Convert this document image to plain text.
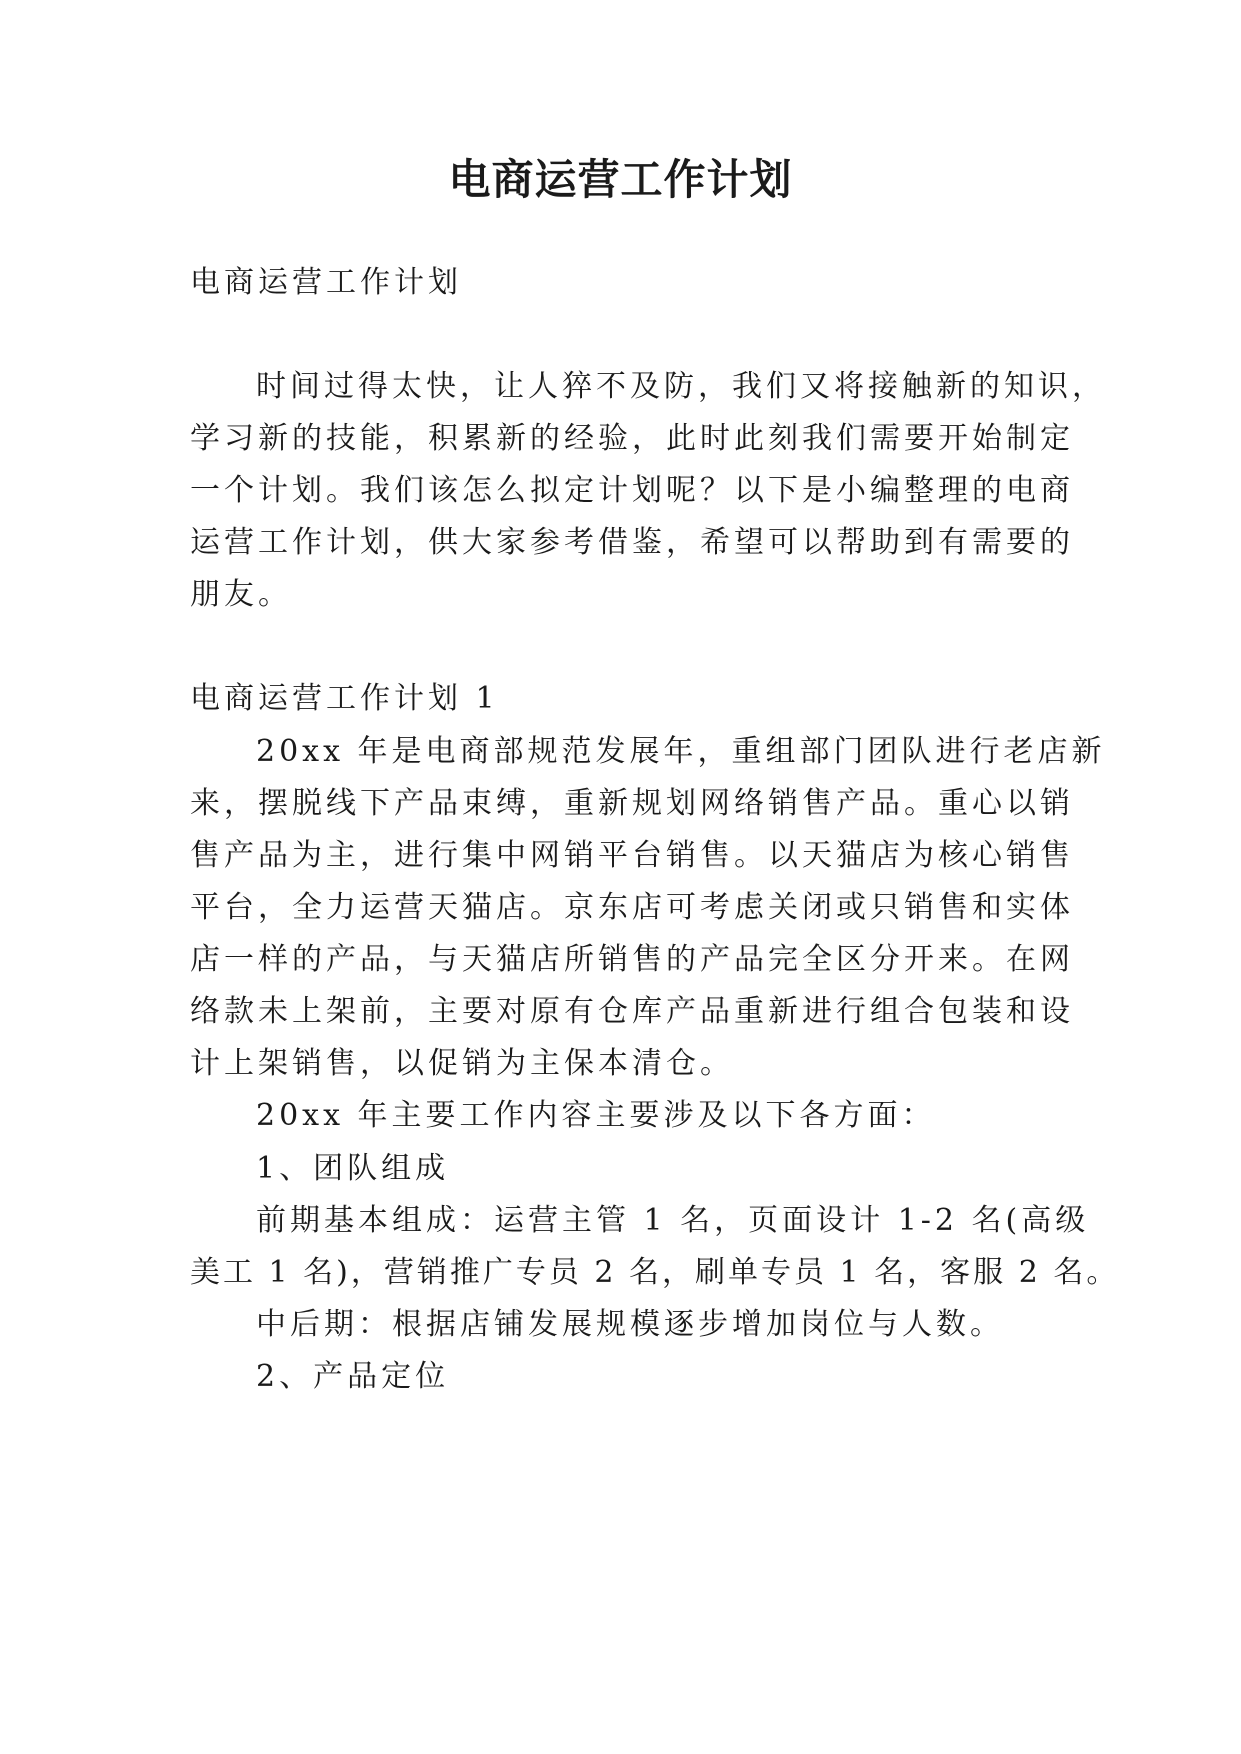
电商运营工作计划

电商运营工作计划

时间过得太快，让人猝不及防，我们又将接触新的知识，

学习新的技能，积累新的经验，此时此刻我们需要开始制定

一个计划。我们该怎么拟定计划呢？以下是小编整理的电商

运营工作计划，供大家参考借鉴，希望可以帮助到有需要的

朋友。

电商运营工作计划 1

20xx 年是电商部规范发展年，重组部门团队进行老店新

来，摆脱线下产品束缚，重新规划网络销售产品。重心以销

售产品为主，进行集中网销平台销售。以天猫店为核心销售

平台，全力运营天猫店。京东店可考虑关闭或只销售和实体

店一样的产品，与天猫店所销售的产品完全区分开来。在网

络款未上架前，主要对原有仓库产品重新进行组合包装和设

计上架销售，以促销为主保本清仓。

20xx 年主要工作内容主要涉及以下各方面：

1、团队组成

前期基本组成：运营主管 1 名，页面设计 1-2 名(高级

美工 1 名)，营销推广专员 2 名，刷单专员 1 名，客服 2 名。

中后期：根据店铺发展规模逐步增加岗位与人数。

2、产品定位
